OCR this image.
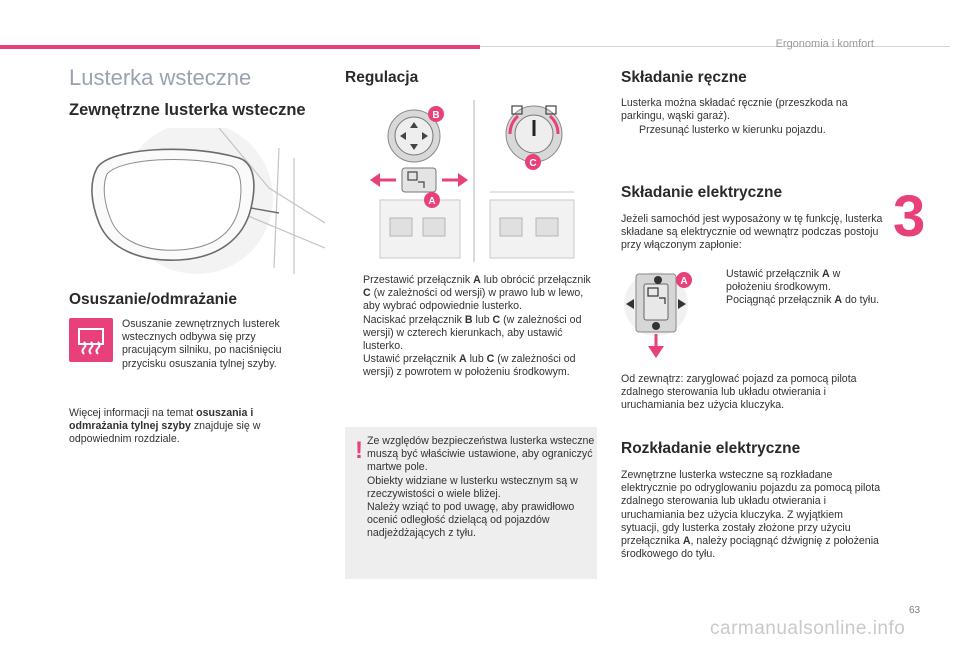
Ergonomia i komfort
3
Lusterka wsteczne
Zewnętrzne lusterka wsteczne
Osuszanie/odmrażanie
Osuszanie zewnętrznych lusterek wstecznych odbywa się przy pracującym silniku, po naciśnięciu przycisku osuszania tylnej szyby.
Więcej informacji na temat osuszania i odmrażania tylnej szyby znajduje się w odpowiednim rozdziale.
Regulacja
B
A
C
Przestawić przełącznik A lub obrócić przełącznik C (w zależności od wersji) w prawo lub w lewo, aby wybrać odpowiednie lusterko.
Naciskać przełącznik B lub C (w zależności od wersji) w czterech kierunkach, aby ustawić lusterko.
Ustawić przełącznik A lub C (w zależności od wersji) z powrotem w położeniu środkowym.
! Ze względów bezpieczeństwa lusterka wsteczne muszą być właściwie ustawione, aby ograniczyć martwe pole.
Obiekty widziane w lusterku wstecznym są w rzeczywistości o wiele bliżej.
Należy wziąć to pod uwagę, aby prawidłowo ocenić odległość dzielącą od pojazdów nadjeżdżających z tyłu.
Składanie ręczne
Lusterka można składać ręcznie (przeszkoda na parkingu, wąski garaż).
Przesunąć lusterko w kierunku pojazdu.
Składanie elektryczne
Jeżeli samochód jest wyposażony w tę funkcję, lusterka składane są elektrycznie od wewnątrz podczas postoju przy włączonym zapłonie:
A
Ustawić przełącznik A w położeniu środkowym.
Pociągnąć przełącznik A do tyłu.
Od zewnątrz: zaryglować pojazd za pomocą pilota zdalnego sterowania lub układu otwierania i uruchamiania bez użycia kluczyka.
Rozkładanie elektryczne
Zewnętrzne lusterka wsteczne są rozkładane elektrycznie po odryglowaniu pojazdu za pomocą pilota zdalnego sterowania lub układu otwierania i uruchamiania bez użycia kluczyka. Z wyjątkiem sytuacji, gdy lusterka zostały złożone przy użyciu przełącznika A, należy pociągnąć dźwignię z położenia środkowego do tyłu.
63
carmanualsonline.info
